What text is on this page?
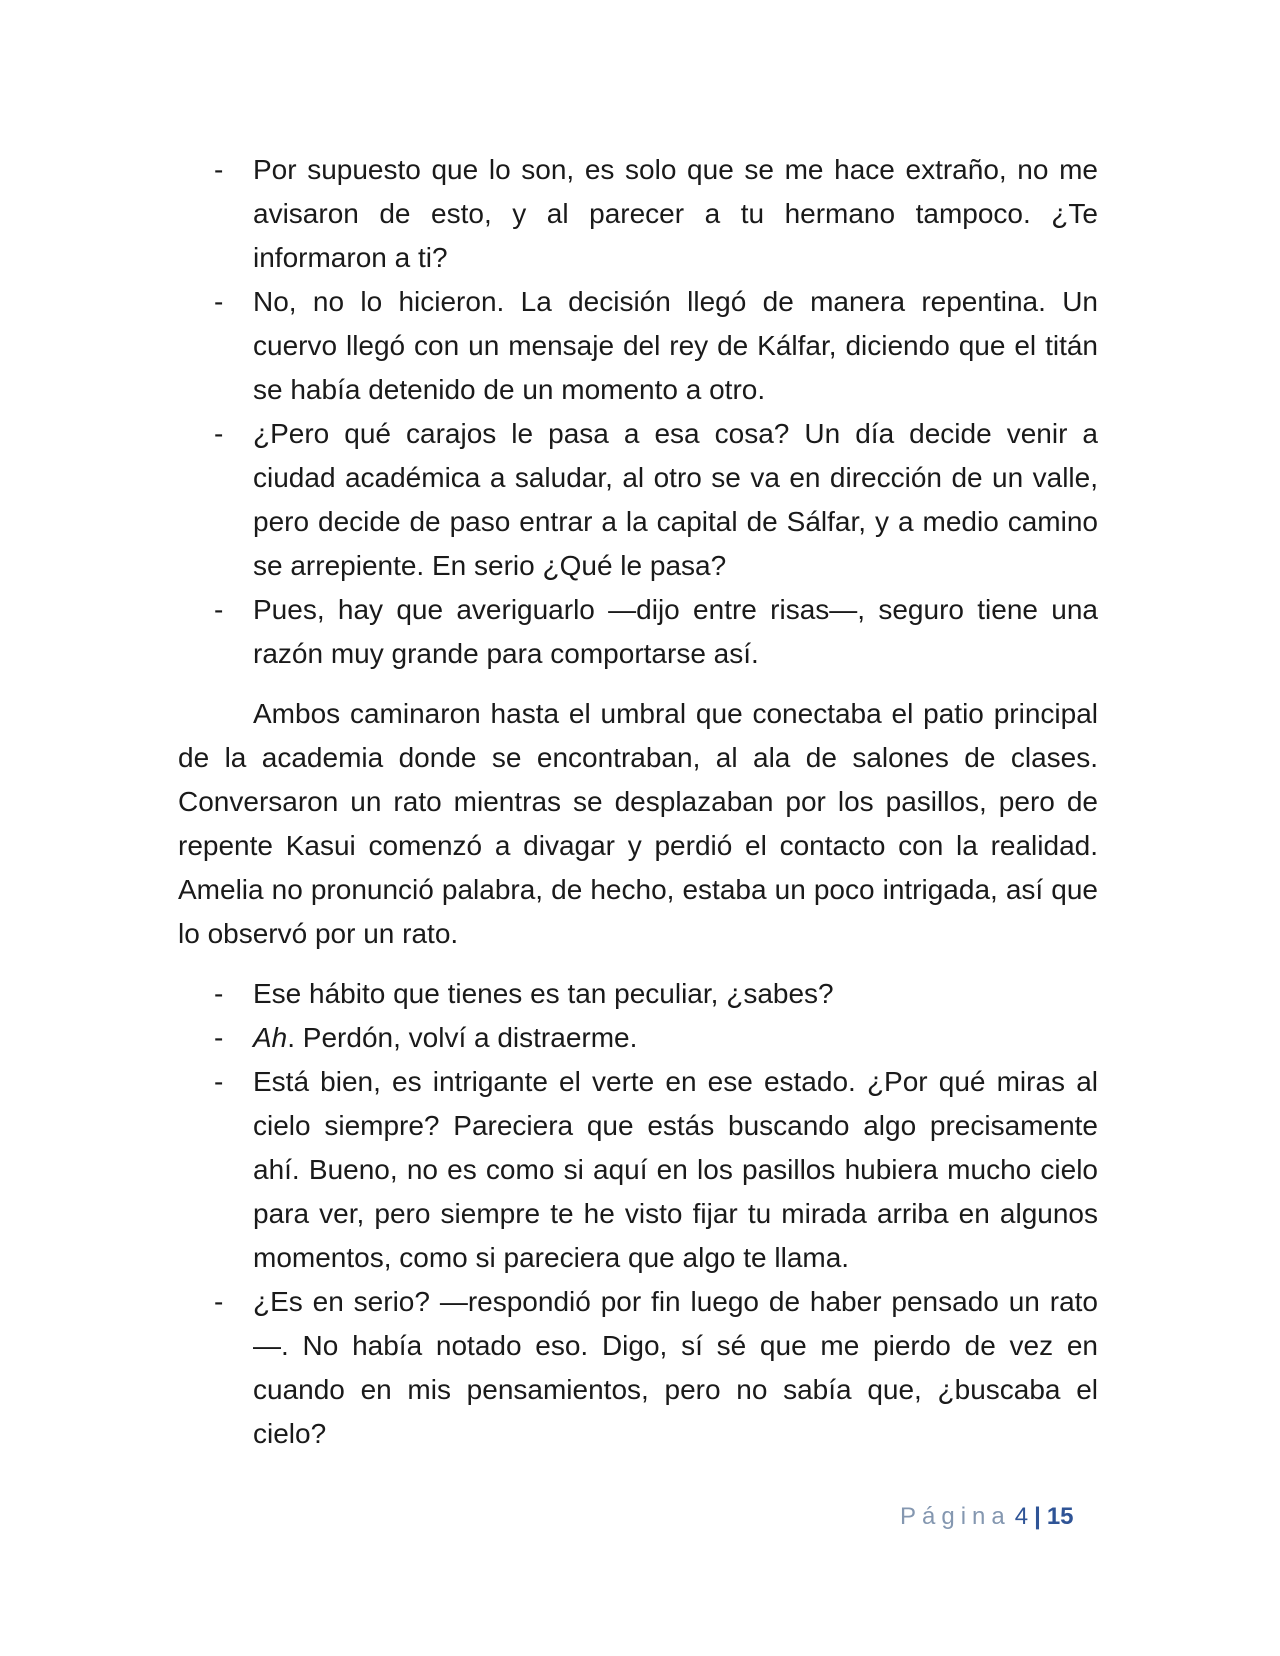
- Por supuesto que lo son, es solo que se me hace extraño, no me avisaron de esto, y al parecer a tu hermano tampoco. ¿Te informaron a ti?
- No, no lo hicieron. La decisión llegó de manera repentina. Un cuervo llegó con un mensaje del rey de Kálfar, diciendo que el titán se había detenido de un momento a otro.
- ¿Pero qué carajos le pasa a esa cosa? Un día decide venir a ciudad académica a saludar, al otro se va en dirección de un valle, pero decide de paso entrar a la capital de Sálfar, y a medio camino se arrepiente. En serio ¿Qué le pasa?
- Pues, hay que averiguarlo —dijo entre risas—, seguro tiene una razón muy grande para comportarse así.

Ambos caminaron hasta el umbral que conectaba el patio principal de la academia donde se encontraban, al ala de salones de clases. Conversaron un rato mientras se desplazaban por los pasillos, pero de repente Kasui comenzó a divagar y perdió el contacto con la realidad. Amelia no pronunció palabra, de hecho, estaba un poco intrigada, así que lo observó por un rato.

- Ese hábito que tienes es tan peculiar, ¿sabes?
- Ah. Perdón, volví a distraerme.
- Está bien, es intrigante el verte en ese estado. ¿Por qué miras al cielo siempre? Pareciera que estás buscando algo precisamente ahí. Bueno, no es como si aquí en los pasillos hubiera mucho cielo para ver, pero siempre te he visto fijar tu mirada arriba en algunos momentos, como si pareciera que algo te llama.
- ¿Es en serio? —respondió por fin luego de haber pensado un rato—. No había notado eso. Digo, sí sé que me pierdo de vez en cuando en mis pensamientos, pero no sabía que, ¿buscaba el cielo?
Página 4 | 15
